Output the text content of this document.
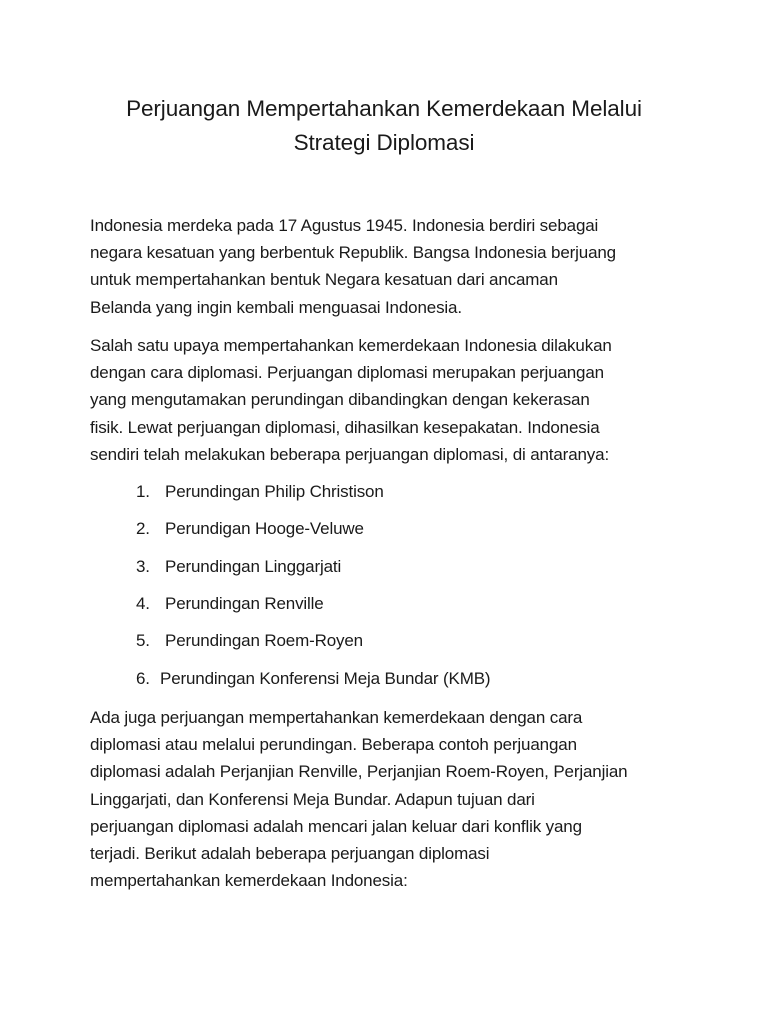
Perjuangan Mempertahankan Kemerdekaan Melalui
Strategi Diplomasi

Indonesia merdeka pada 17 Agustus 1945. Indonesia berdiri sebagai
negara kesatuan yang berbentuk Republik. Bangsa Indonesia berjuang
untuk mempertahankan bentuk Negara kesatuan dari ancaman
Belanda yang ingin kembali menguasai Indonesia.

Salah satu upaya mempertahankan kemerdekaan Indonesia dilakukan
dengan cara diplomasi. Perjuangan diplomasi merupakan perjuangan
yang mengutamakan perundingan dibandingkan dengan kekerasan
fisik. Lewat perjuangan diplomasi, dihasilkan kesepakatan. Indonesia
sendiri telah melakukan beberapa perjuangan diplomasi, di antaranya:

1. Perundingan Philip Christison
2. Perundigan Hooge-Veluwe
3. Perundingan Linggarjati
4. Perundingan Renville
5. Perundingan Roem-Royen
6. Perundingan Konferensi Meja Bundar (KMB)

Ada juga perjuangan mempertahankan kemerdekaan dengan cara
diplomasi atau melalui perundingan. Beberapa contoh perjuangan
diplomasi adalah Perjanjian Renville, Perjanjian Roem-Royen, Perjanjian
Linggarjati, dan Konferensi Meja Bundar. Adapun tujuan dari
perjuangan diplomasi adalah mencari jalan keluar dari konflik yang
terjadi. Berikut adalah beberapa perjuangan diplomasi
mempertahankan kemerdekaan Indonesia:
